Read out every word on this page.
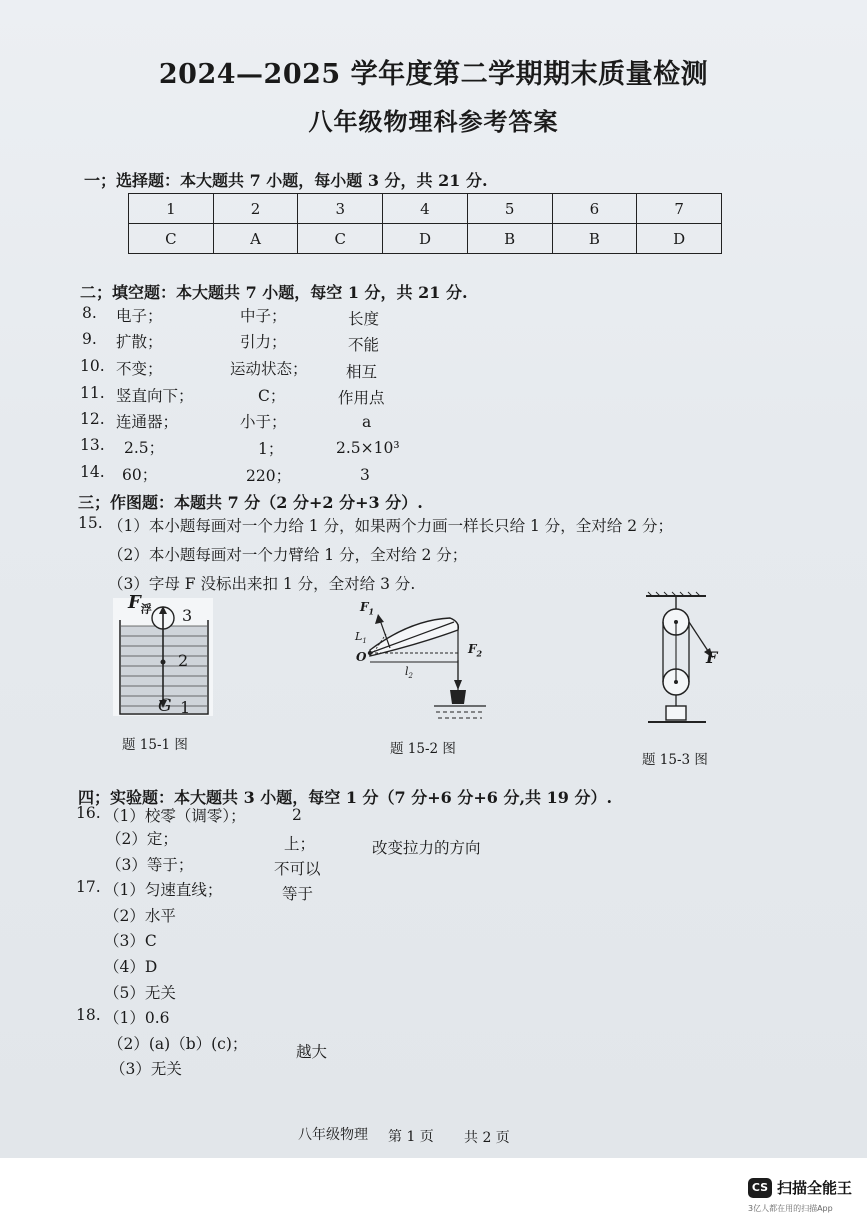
2024—2025 学年度第二学期期末质量检测
八年级物理科参考答案
一；选择题：本大题共 7 小题，每小题 3 分，共 21 分.
1	2	3	4	5	6	7
C	A	C	D	B	B	D
二；填空题：本大题共 7 小题，每空 1 分，共 21 分.
8. 电子；	中子；	长度
9. 扩散；	引力；	不能
10. 不变；	运动状态； 相互
11. 竖直向下；	C；	作用点
12. 连通器；	小于；	a
13. 2.5；	1；	2.5×10³
14. 60；	220；	3
三；作图题：本题共 7 分（2 分+2 分+3 分）.
15. （1）本小题每画对一个力给 1 分，如果两个力画一样长只给 1 分，全对给 2 分；
（2）本小题每画对一个力臂给 1 分，全对给 2 分；
（3）字母 F 没标出来扣 1 分，全对给 3 分.
$F_浮$ 3
2
G 1
题 15-1 图
$F_1$
$L_1$
O
$l_2$
$F_2$
题 15-2 图
F
题 15-3 图
四；实验题：本大题共 3 小题，每空 1 分（7 分+6 分+6 分,共 19 分）.
16. （1）校零（调零）；	2
（2）定；	上；	改变拉力的方向
（3）等于；	不可以
17. （1）匀速直线；	等于
（2）水平
（3）C
（4）D
（5）无关
18. （1）0.6
（2）(a)（b）(c)；	越大
（3）无关
八年级物理 第 1 页 共 2 页
CS 扫描全能王
3亿人都在用的扫描App
